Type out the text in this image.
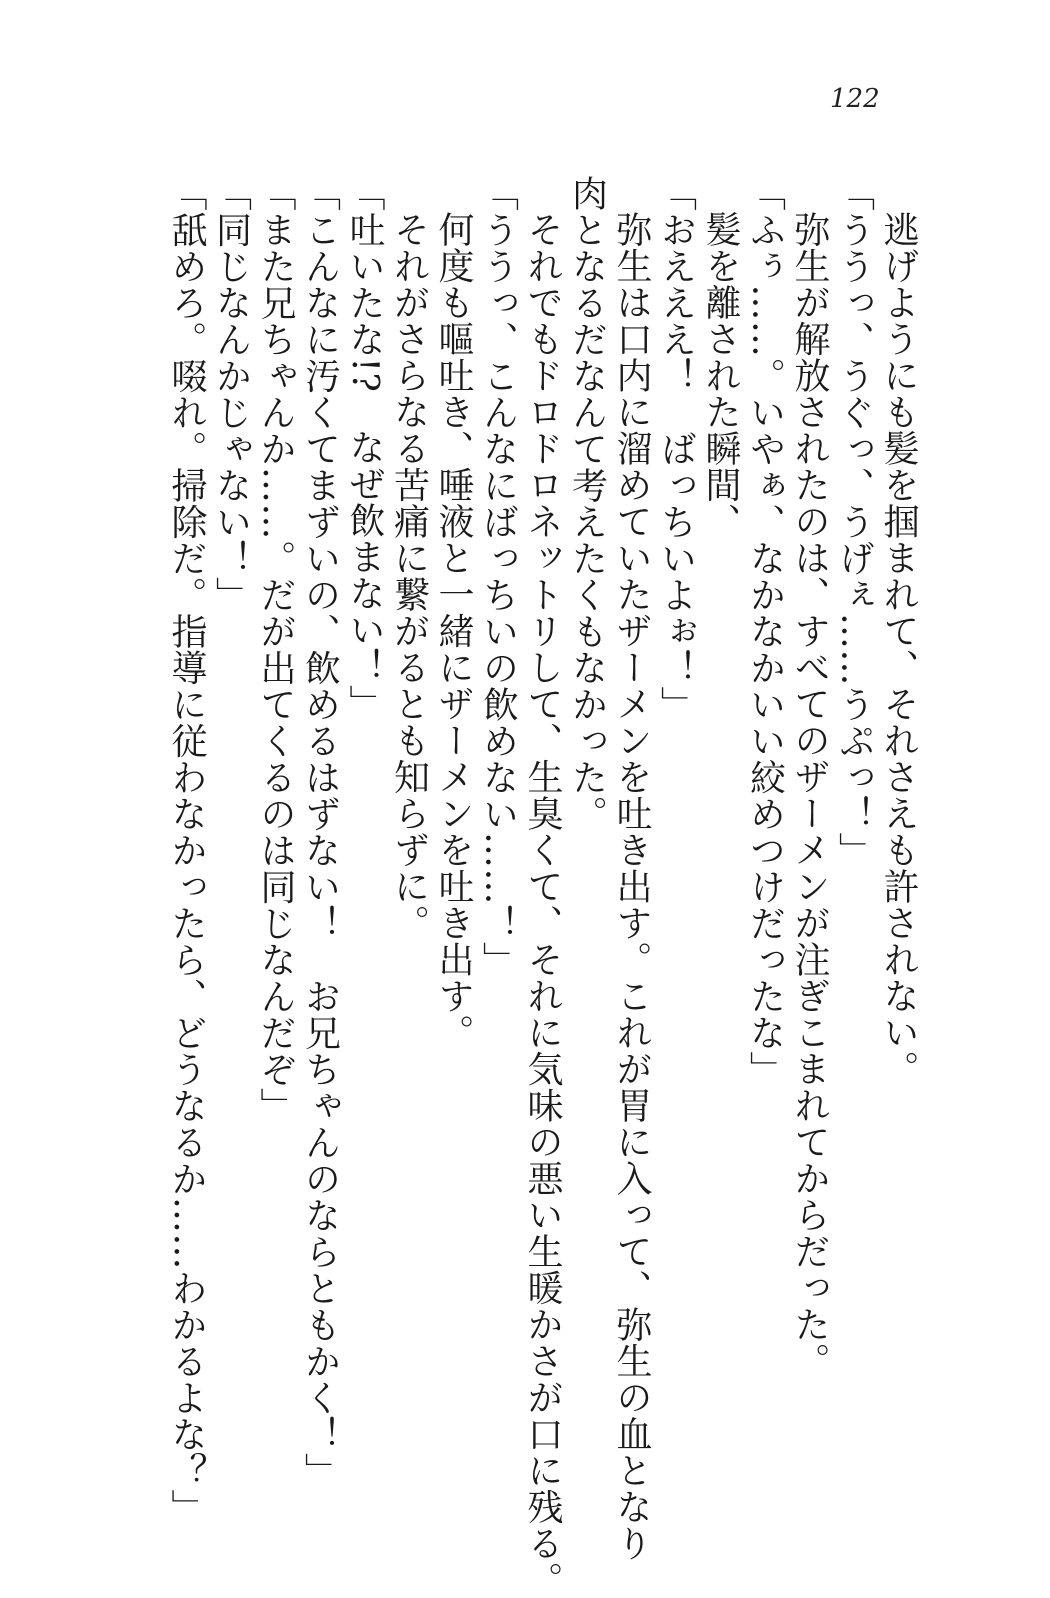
122

逃げようにも髪を掴まれて、それさえも許されない。

「ううっ、うぐっ、うげぇ……うぷっ！」

弥生が解放されたのは、すべてのザーメンが注ぎこまれてからだった。

「ふぅ……。いやぁ、なかなかいい絞めつけだったな」

髪を離された瞬間、

「おえええ！　ばっちいよぉ！」

弥生は口内に溜めていたザーメンを吐き出す。これが胃に入って、弥生の血となり

肉となるだなんて考えたくもなかった。

それでもドロドロネットリして、生臭くて、それに気味の悪い生暖かさが口に残る。

「ううっ、こんなにばっちいの飲めない……！」

何度も嘔吐き、唾液と一緒にザーメンを吐き出す。

それがさらなる苦痛に繋がるとも知らずに。

「吐いたな!?　なぜ飲まない！」

「こんなに汚くてまずいの、飲めるはずない！　お兄ちゃんのならともかく！」

「また兄ちゃんか……。だが出てくるのは同じなんだぞ」

「同じなんかじゃない！」

「舐めろ。啜れ。掃除だ。指導に従わなかったら、どうなるか……わかるよな？」
